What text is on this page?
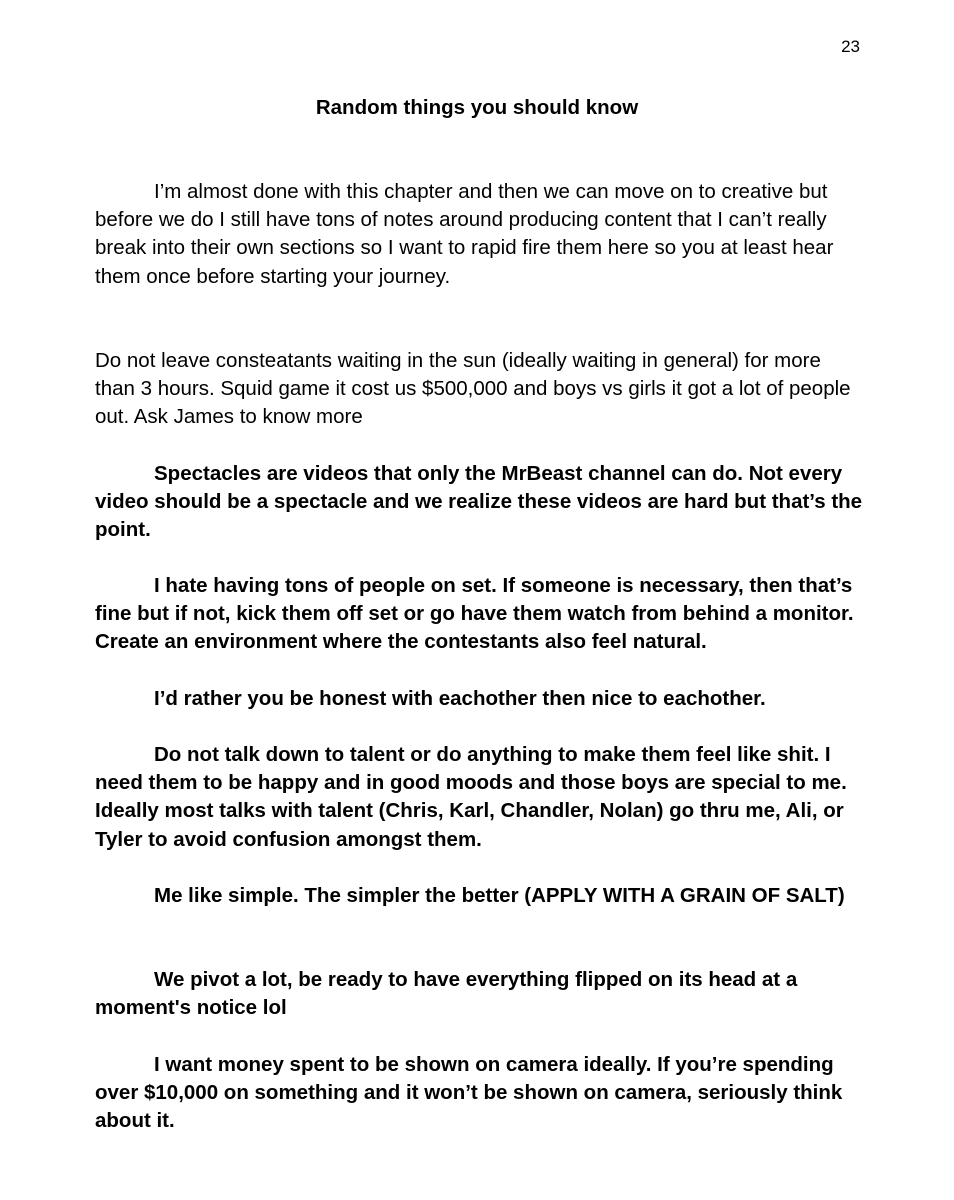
23
Random things you should know

I’m almost done with this chapter and then we can move on to creative but before we do I still have tons of notes around producing content that I can’t really break into their own sections so I want to rapid fire them here so you at least hear them once before starting your journey.

Do not leave consteatants waiting in the sun (ideally waiting in general) for more than 3 hours. Squid game it cost us $500,000 and boys vs girls it got a lot of people out. Ask James to know more

Spectacles are videos that only the MrBeast channel can do. Not every video should be a spectacle and we realize these videos are hard but that’s the point.

I hate having tons of people on set. If someone is necessary, then that’s fine but if not, kick them off set or go have them watch from behind a monitor. Create an environment where the contestants also feel natural.

I’d rather you be honest with eachother then nice to eachother.

Do not talk down to talent or do anything to make them feel like shit. I need them to be happy and in good moods and those boys are special to me. Ideally most talks with talent (Chris, Karl, Chandler, Nolan) go thru me, Ali, or Tyler to avoid confusion amongst them.

Me like simple. The simpler the better (APPLY WITH A GRAIN OF SALT)

We pivot a lot, be ready to have everything flipped on its head at a moment's notice lol

I want money spent to be shown on camera ideally. If you’re spending over $10,000 on something and it won’t be shown on camera, seriously think about it.
